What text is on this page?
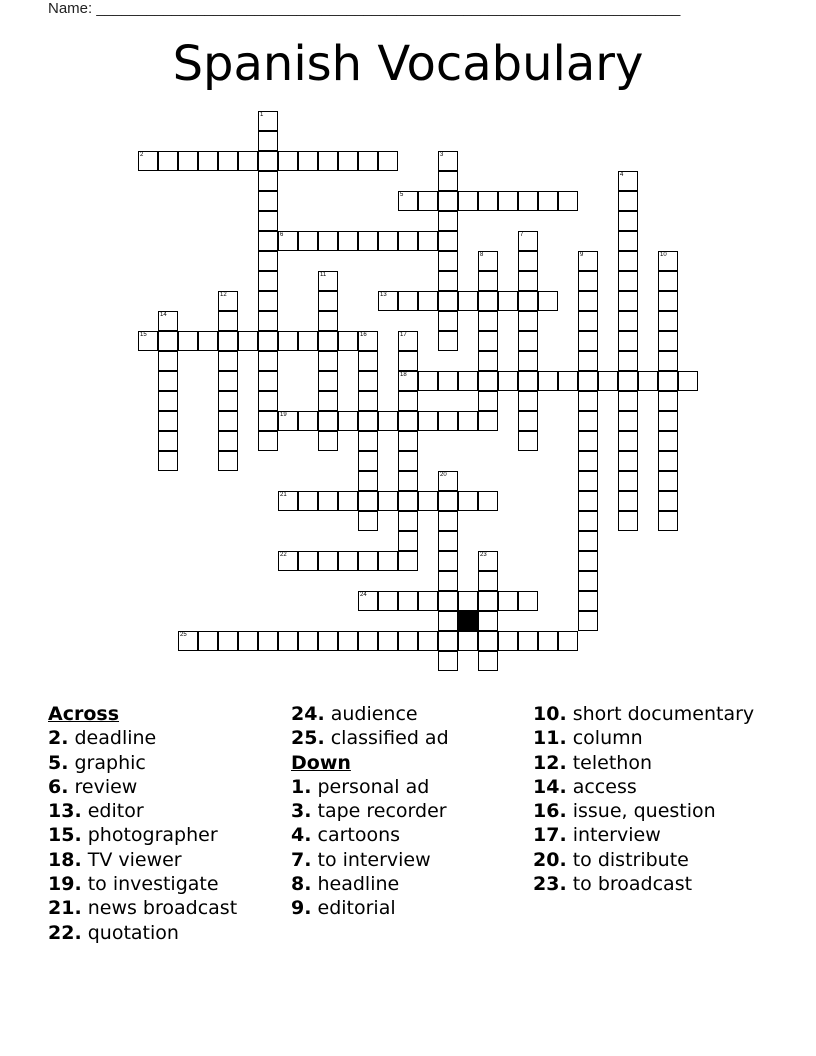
Name: ______________________________________________________________________
Spanish Vocabulary
1
2	3
4
5
6	7
8	9	10
11
12	13
14
15	16	17
18
19
20
21
22	23
24
25
Across
2. deadline
5. graphic
6. review
13. editor
15. photographer
18. TV viewer
19. to investigate
21. news broadcast
22. quotation
24. audience
25. classified ad
Down
1. personal ad
3. tape recorder
4. cartoons
7. to interview
8. headline
9. editorial
10. short documentary
11. column
12. telethon
14. access
16. issue, question
17. interview
20. to distribute
23. to broadcast
